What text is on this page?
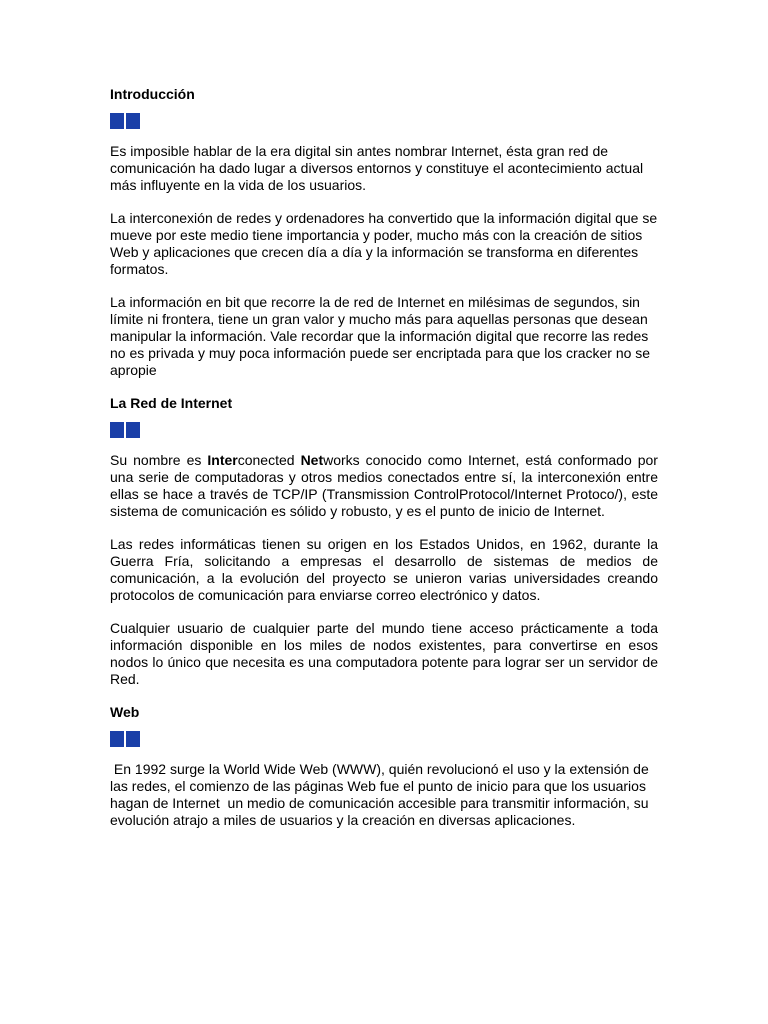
Introducción

Es imposible hablar de la era digital sin antes nombrar Internet, ésta gran red de comunicación ha dado lugar a diversos entornos y constituye el acontecimiento actual más influyente en la vida de los usuarios.

La interconexión de redes y ordenadores ha convertido que la información digital que se mueve por este medio tiene importancia y poder, mucho más con la creación de sitios Web y aplicaciones que crecen día a día y la información se transforma en diferentes formatos.

La información en bit que recorre la de red de Internet en milésimas de segundos, sin límite ni frontera, tiene un gran valor y mucho más para aquellas personas que desean manipular la información. Vale recordar que la información digital que recorre las redes no es privada y muy poca información puede ser encriptada para que los cracker no se apropie

La Red de Internet

Su nombre es Interconected Networks conocido como Internet, está conformado por una serie de computadoras y otros medios conectados entre sí, la interconexión entre ellas se hace a través de TCP/IP (Transmission ControlProtocol/Internet Protoco/), este sistema de comunicación es sólido y robusto, y es el punto de inicio de Internet.

Las redes informáticas tienen su origen en los Estados Unidos, en 1962, durante la Guerra Fría, solicitando a empresas el desarrollo de sistemas de medios de comunicación, a la evolución del proyecto se unieron varias universidades creando protocolos de comunicación para enviarse correo electrónico y datos.

Cualquier usuario de cualquier parte del mundo tiene acceso prácticamente a toda información disponible en los miles de nodos existentes, para convertirse en esos nodos lo único que necesita es una computadora potente para lograr ser un servidor de Red.

Web

En 1992 surge la World Wide Web (WWW), quién revolucionó el uso y la extensión de las redes, el comienzo de las páginas Web fue el punto de inicio para que los usuarios hagan de Internet  un medio de comunicación accesible para transmitir información, su evolución atrajo a miles de usuarios y la creación en diversas aplicaciones.
